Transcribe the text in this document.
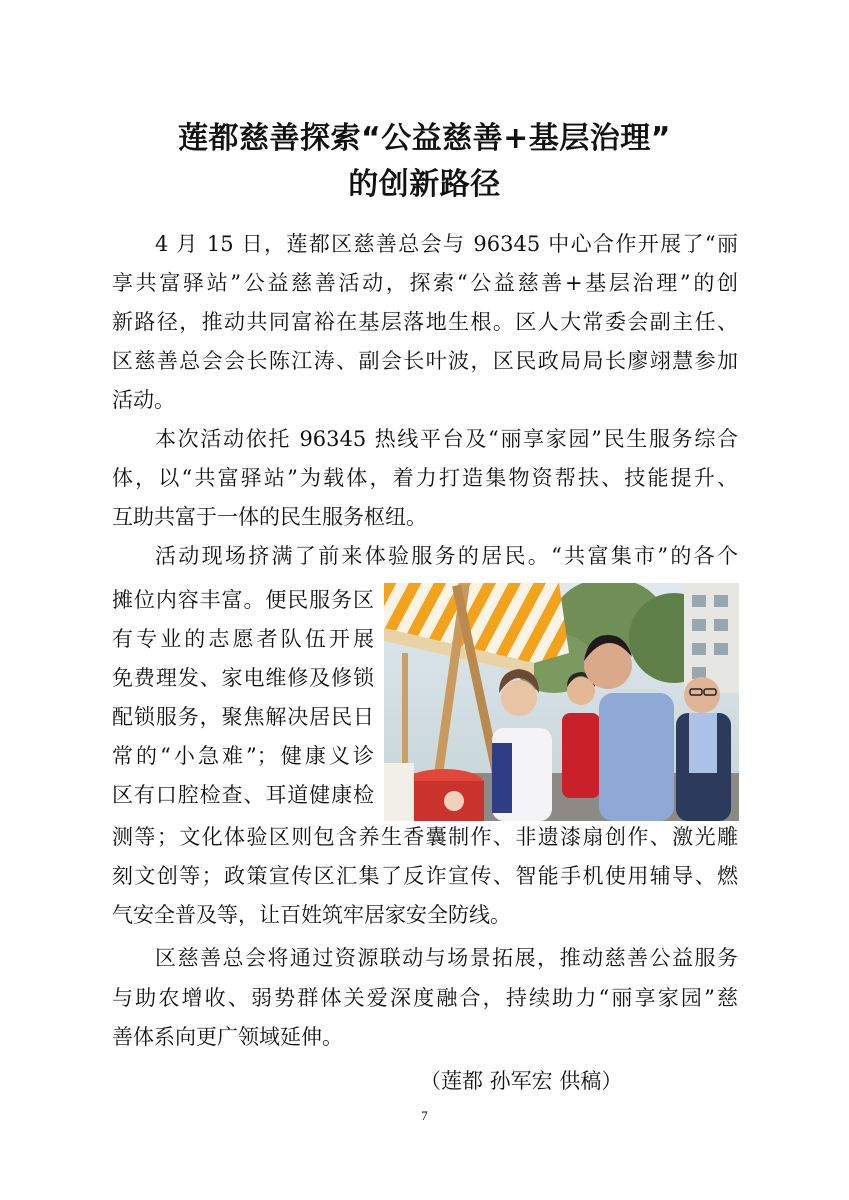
莲都慈善探索“公益慈善+基层治理”
的创新路径

4 月 15 日，莲都区慈善总会与 96345 中心合作开展了“丽

享共富驿站”公益慈善活动，探索“公益慈善+基层治理”的创

新路径，推动共同富裕在基层落地生根。区人大常委会副主任、

区慈善总会会长陈江涛、副会长叶波，区民政局局长廖翊慧参加

活动。

本次活动依托 96345 热线平台及“丽享家园”民生服务综合

体，以“共富驿站”为载体，着力打造集物资帮扶、技能提升、

互助共富于一体的民生服务枢纽。

活动现场挤满了前来体验服务的居民。“共富集市”的各个

摊位内容丰富。便民服务区

有专业的志愿者队伍开展

免费理发、家电维修及修锁

配锁服务，聚焦解决居民日

常的“小急难”；健康义诊

区有口腔检查、耳道健康检

测等；文化体验区则包含养生香囊制作、非遗漆扇创作、激光雕

刻文创等；政策宣传区汇集了反诈宣传、智能手机使用辅导、燃

气安全普及等，让百姓筑牢居家安全防线。

区慈善总会将通过资源联动与场景拓展，推动慈善公益服务

与助农增收、弱势群体关爱深度融合，持续助力“丽享家园”慈

善体系向更广领域延伸。

（莲都 孙军宏 供稿）
7
